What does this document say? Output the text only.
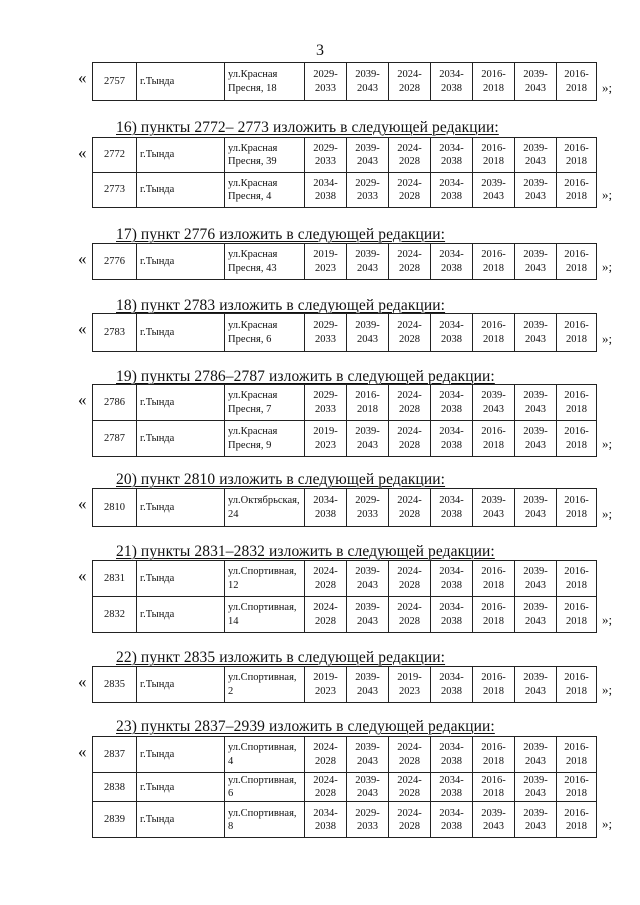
3
« 2757	г.Тында	ул.Красная Пресня, 18	2029-2033	2039-2043	2024-2028	2034-2038	2016-2018	2039-2043	2016-2018 »;
16) пункты 2772– 2773 изложить в следующей редакции:
« 2772	г.Тында	ул.Красная Пресня, 39	2029-2033	2039-2043	2024-2028	2034-2038	2016-2018	2039-2043	2016-2018
2773	г.Тында	ул.Красная Пресня, 4	2034-2038	2029-2033	2024-2028	2034-2038	2039-2043	2039-2043	2016-2018 »;
17) пункт 2776 изложить в следующей редакции:
« 2776	г.Тында	ул.Красная Пресня, 43	2019-2023	2039-2043	2024-2028	2034-2038	2016-2018	2039-2043	2016-2018 »;
18) пункт 2783 изложить в следующей редакции:
« 2783	г.Тында	ул.Красная Пресня, 6	2029-2033	2039-2043	2024-2028	2034-2038	2016-2018	2039-2043	2016-2018 »;
19) пункты 2786–2787 изложить в следующей редакции:
« 2786	г.Тында	ул.Красная Пресня, 7	2029-2033	2016-2018	2024-2028	2034-2038	2039-2043	2039-2043	2016-2018
2787	г.Тында	ул.Красная Пресня, 9	2019-2023	2039-2043	2024-2028	2034-2038	2016-2018	2039-2043	2016-2018 »;
20) пункт 2810 изложить в следующей редакции:
« 2810	г.Тында	ул.Октябрьская, 24	2034-2038	2029-2033	2024-2028	2034-2038	2039-2043	2039-2043	2016-2018 »;
21) пункты 2831–2832 изложить в следующей редакции:
« 2831	г.Тында	ул.Спортивная, 12	2024-2028	2039-2043	2024-2028	2034-2038	2016-2018	2039-2043	2016-2018
2832	г.Тында	ул.Спортивная, 14	2024-2028	2039-2043	2024-2028	2034-2038	2016-2018	2039-2043	2016-2018 »;
22) пункт 2835 изложить в следующей редакции:
« 2835	г.Тында	ул.Спортивная, 2	2019-2023	2039-2043	2019-2023	2034-2038	2016-2018	2039-2043	2016-2018 »;
23) пункты 2837–2939 изложить в следующей редакции:
« 2837	г.Тында	ул.Спортивная, 4	2024-2028	2039-2043	2024-2028	2034-2038	2016-2018	2039-2043	2016-2018
2838	г.Тында	ул.Спортивная, 6	2024-2028	2039-2043	2024-2028	2034-2038	2016-2018	2039-2043	2016-2018
2839	г.Тында	ул.Спортивная, 8	2034-2038	2029-2033	2024-2028	2034-2038	2039-2043	2039-2043	2016-2018 »;
